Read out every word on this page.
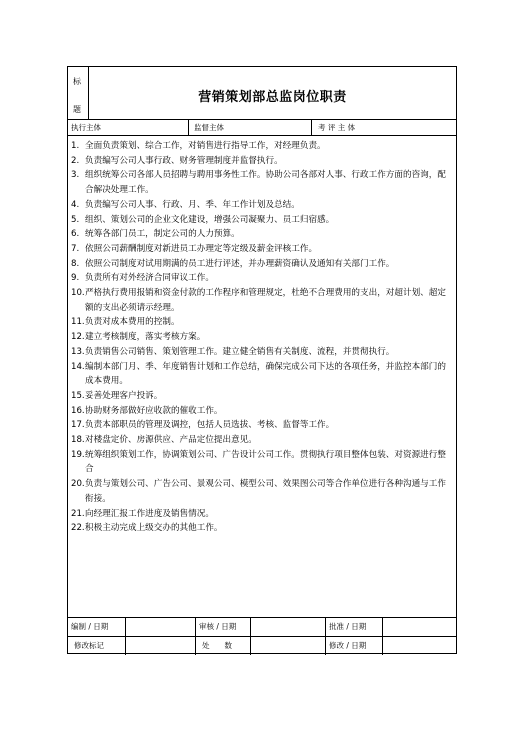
标
题
营销策划部总监岗位职责
执行主体	监督主体	考 评 主 体
1. 全面负责策划、综合工作，对销售进行指导工作，对经理负责。
2. 负责编写公司人事行政、财务管理制度并监督执行。
3. 组织统筹公司各部人员招聘与聘用事务性工作。协助公司各部对人事、行政工作方面的咨询，配合解决处理工作。
4. 负责编写公司人事、行政、月、季、年工作计划及总结。
5. 组织、策划公司的企业文化建设，增强公司凝聚力、员工归宿感。
6. 统筹各部门员工，制定公司的人力预算。
7. 依照公司薪酬制度对新进员工办理定等定级及薪金评核工作。
8. 依照公司制度对试用期满的员工进行评述，并办理薪资确认及通知有关部门工作。
9. 负责所有对外经济合同审议工作。
10. 严格执行费用报销和资金付款的工作程序和管理规定，杜绝不合理费用的支出，对超计划、超定额的支出必须请示经理。
11. 负责对成本费用的控制。
12. 建立考核制度，落实考核方案。
13. 负责销售公司销售、策划管理工作。建立健全销售有关制度、流程，并贯彻执行。
14. 编制本部门月、季、年度销售计划和工作总结，确保完成公司下达的各项任务，并监控本部门的成本费用。
15. 妥善处理客户投诉。
16. 协助财务部做好应收款的催收工作。
17. 负责本部职员的管理及调控，包括人员选拔、考核、监督等工作。
18. 对楼盘定价、房源供应、产品定位提出意见。
19. 统筹组织策划工作，协调策划公司、广告设计公司工作。贯彻执行项目整体包装、对资源进行整合
20. 负责与策划公司、广告公司、景观公司、模型公司、效果图公司等合作单位进行各种沟通与工作衔接。
21. 向经理汇报工作进度及销售情况。
22. 积极主动完成上级交办的其他工作。
编制 / 日期	审核 / 日期	批准 / 日期
修改标记	处　　数	修改 / 日期
